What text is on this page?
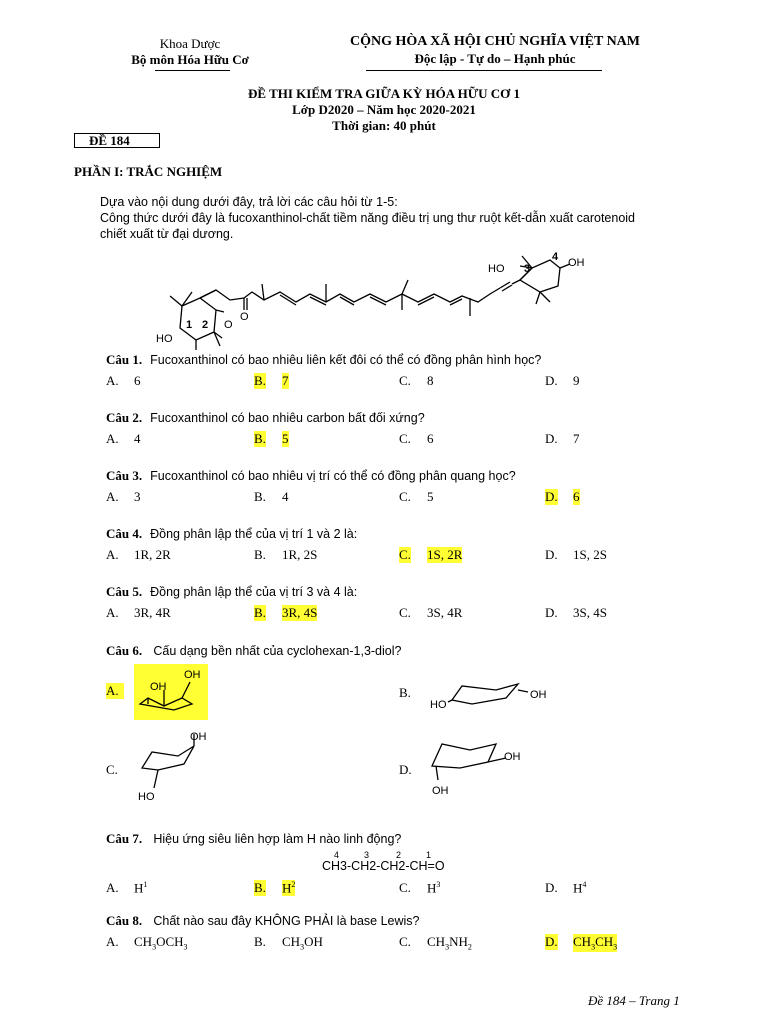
Khoa Dược
Bộ môn Hóa Hữu Cơ
CỘNG HÒA XÃ HỘI CHỦ NGHĨA VIỆT NAM
Độc lập - Tự do – Hạnh phúc
ĐỀ THI KIỂM TRA GIỮA KỲ HÓA HỮU CƠ 1
Lớp D2020 – Năm học 2020-2021
Thời gian: 40 phút
ĐỀ 184
PHẦN I: TRẮC NGHIỆM
Dựa vào nội dung dưới đây, trả lời các câu hỏi từ 1-5:
Công thức dưới đây là fucoxanthinol-chất tiềm năng điều trị ung thư ruột kết-dẫn xuất carotenoid
chiết xuất từ đại dương.
HO
1 2 O
O
HO 3
4 OH
Câu 1. Fucoxanthinol có bao nhiêu liên kết đôi có thể có đồng phân hình học?
A. 6	B. 7	C. 8	D. 9
Câu 2. Fucoxanthinol có bao nhiêu carbon bất đối xứng?
A. 4	B. 5	C. 6	D. 7
Câu 3. Fucoxanthinol có bao nhiêu vị trí có thể có đồng phân quang học?
A. 3	B. 4	C. 5	D. 6
Câu 4. Đồng phân lập thể của vị trí 1 và 2 là:
A. 1R, 2R	B. 1R, 2S	C. 1S, 2R	D. 1S, 2S
Câu 5. Đồng phân lập thể của vị trí 3 và 4 là:
A. 3R, 4R	B. 3R, 4S	C. 3S, 4R	D. 3S, 4S
Câu 6. Cấu dạng bền nhất của cyclohexan-1,3-diol?
A.	OH
OH
B.
HO
OH
C.
OH
HO
D.
OH
OH
Câu 7. Hiệu ứng siêu liên hợp làm H nào linh động?
4	3	2	1
CH3-CH2-CH2-CH=O
A. $H^1$	B. $H^2$	C. $H^3$	D. $H^4$
Câu 8. Chất nào sau đây KHÔNG PHẢI là base Lewis?
A. $CH_3OCH_3$	B. $CH_3OH$	C. $CH_3NH_2$	D. $CH_3CH_3$
Đề 184 – Trang 1
